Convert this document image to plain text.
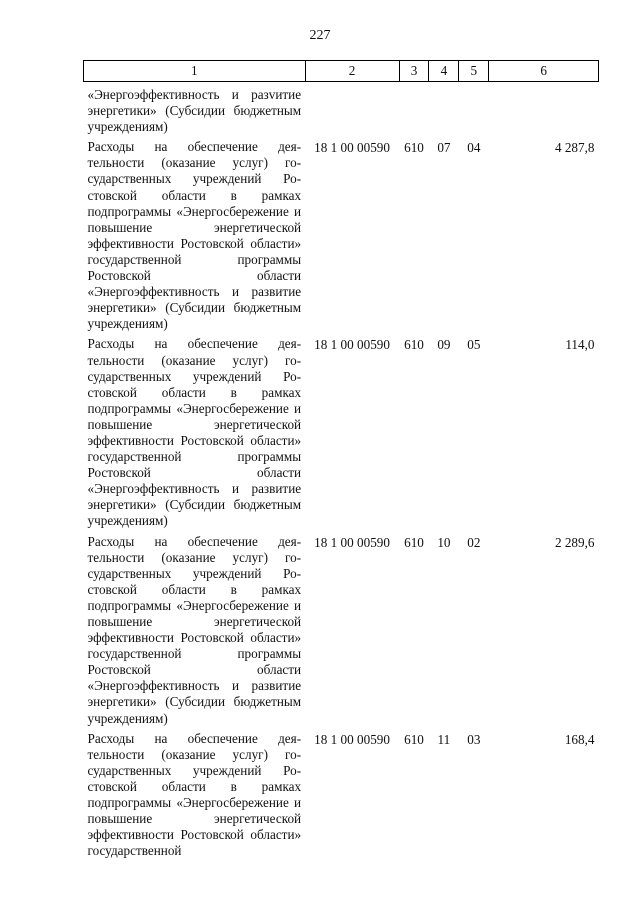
227
1	2	3	4	5	6

«Энергоэффективность и разvитие энергетики» (Субсидии бюджетным учреждениям)					
Расходы на обеспечение деятельности (оказание услуг) государственных учреждений Ростовской области в рамках подпрограммы «Энергосбережение и повышение энергетической эффективности Ростовской области» государственной программы Ростовской области «Энергоэффективность и развитие энергетики» (Субсидии бюджетным учреждениям)	18 1 00 00590	610	07	04	4 287,8
Расходы на обеспечение деятельности (оказание услуг) государственных учреждений Ростовской области в рамках подпрограммы «Энергосбережение и повышение энергетической эффективности Ростовской области» государственной программы Ростовской области «Энергоэффективность и развитие энергетики» (Субсидии бюджетным учреждениям)	18 1 00 00590	610	09	05	114,0
Расходы на обеспечение деятельности (оказание услуг) государственных учреждений Ростовской области в рамках подпрограммы «Энергосбережение и повышение энергетической эффективности Ростовской области» государственной программы Ростовской области «Энергоэффективность и развитие энергетики» (Субсидии бюджетным учреждениям)	18 1 00 00590	610	10	02	2 289,6
Расходы на обеспечение деятельности (оказание услуг) государственных учреждений Ростовской области в рамках подпрограммы «Энергосбережение и повышение энергетической эффективности Ростовской области» государственной	18 1 00 00590	610	11	03	168,4
